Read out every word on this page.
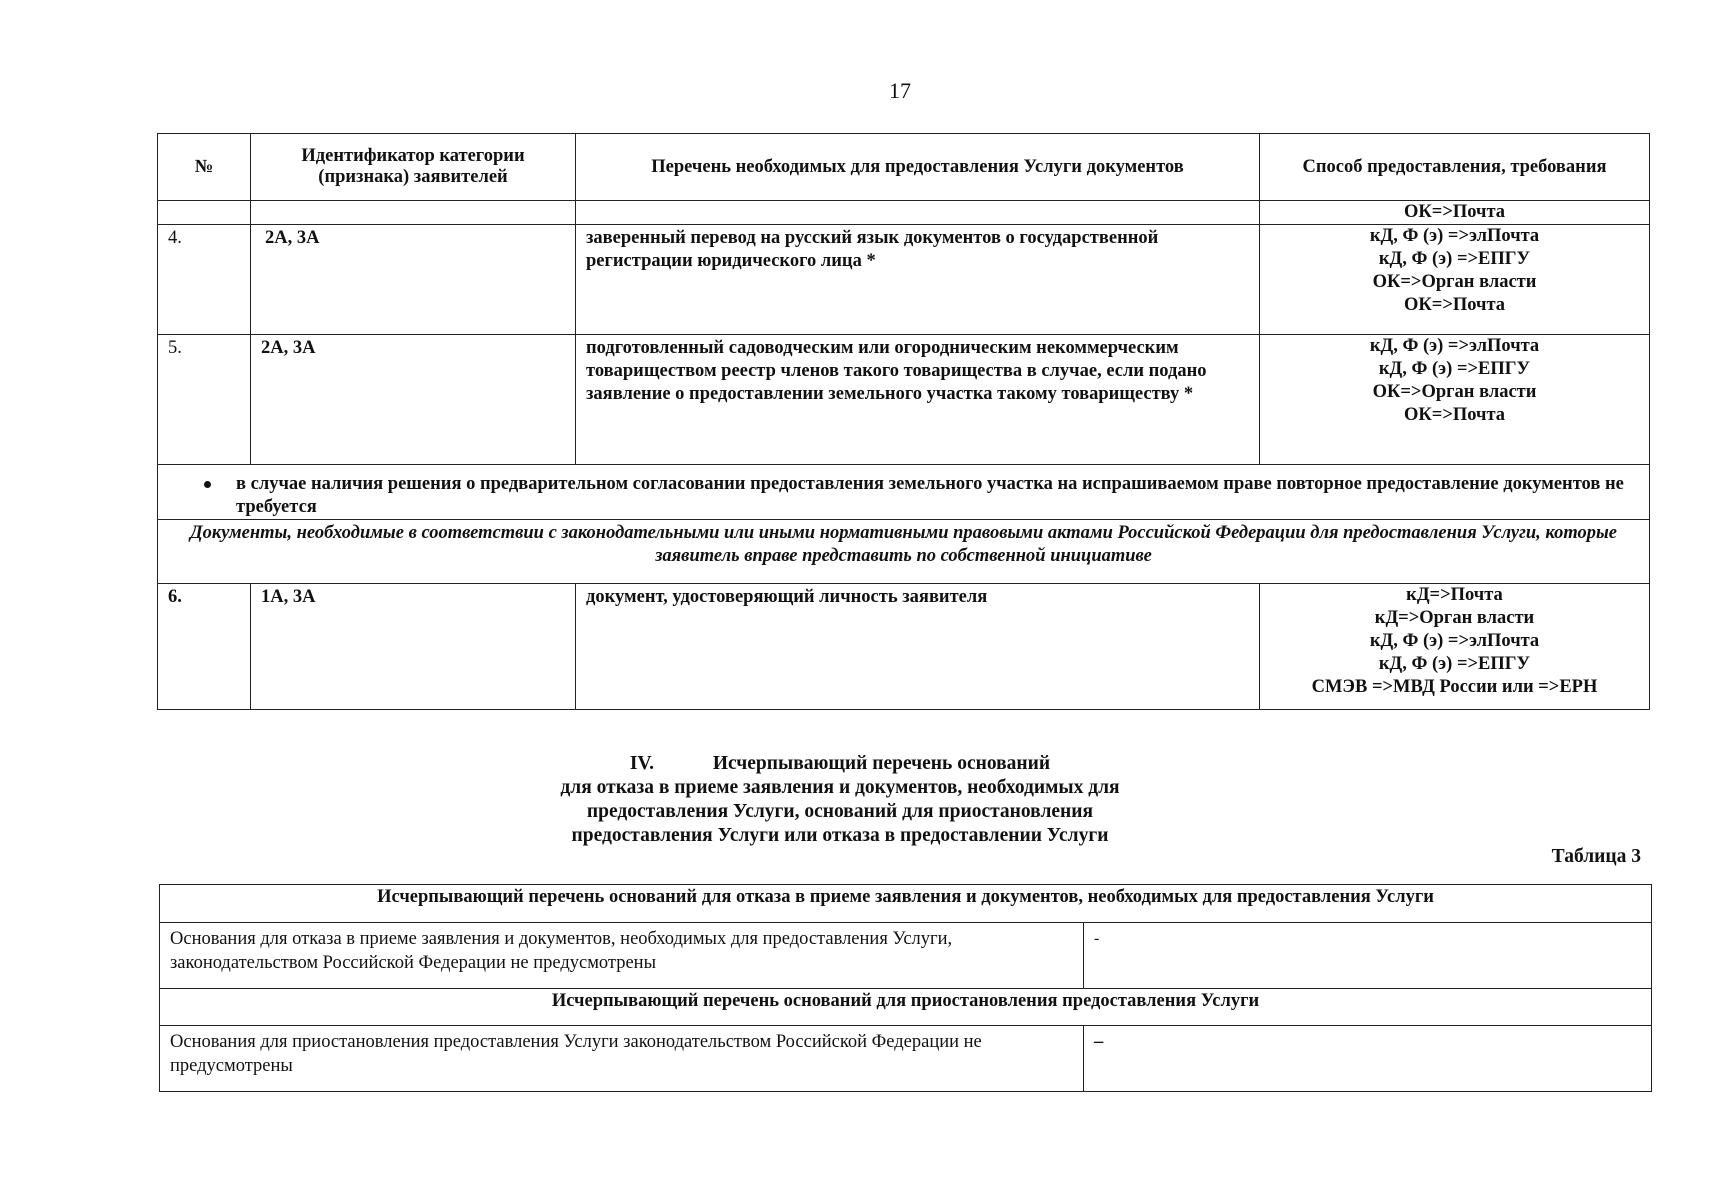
17
№	Идентификатор категории (признака) заявителей	Перечень необходимых для предоставления Услуги документов	Способ предоставления, требования
			ОК=>Почта
4.	2А, 3А	заверенный перевод на русский язык документов о государственной регистрации юридического лица *	кД, Ф (э) =>элПочта
кД, Ф (э) =>ЕПГУ
ОК=>Орган власти
ОК=>Почта

5.	2А, 3А	подготовленный садоводческим или огородническим некоммерческим товариществом реестр членов такого товарищества в случае, если подано заявление о предоставлении земельного участка такому товариществу *	кД, Ф (э) =>элПочта
кД, Ф (э) =>ЕПГУ
ОК=>Орган власти
ОК=>Почта

в случае наличия решения о предварительном согласовании предоставления земельного участка на испрашиваемом праве повторное предоставление документов не требуется			

Документы, необходимые в соответствии с законодательными или иными нормативными правовыми актами Российской Федерации для предоставления Услуги, которые заявитель вправе представить по собственной инициативе			
6.	1А, 3А	документ, удостоверяющий личность заявителя	кД=>Почта
кД=>Орган власти
кД, Ф (э) =>элПочта
кД, Ф (э) =>ЕПГУ
СМЭВ =>МВД России или =>ЕРН
IV.	Исчерпывающий перечень оснований
для отказа в приеме заявления и документов, необходимых для предоставления Услуги, оснований для приостановления предоставления Услуги или отказа в предоставлении Услуги
Таблица 3
Исчерпывающий перечень оснований для отказа в приеме заявления и документов, необходимых для предоставления Услуги	
Основания для отказа в приеме заявления и документов, необходимых для предоставления Услуги, законодательством Российской Федерации не предусмотрены	-
Исчерпывающий перечень оснований для приостановления предоставления Услуги	
Основания для приостановления предоставления Услуги законодательством Российской Федерации не предусмотрены	–
